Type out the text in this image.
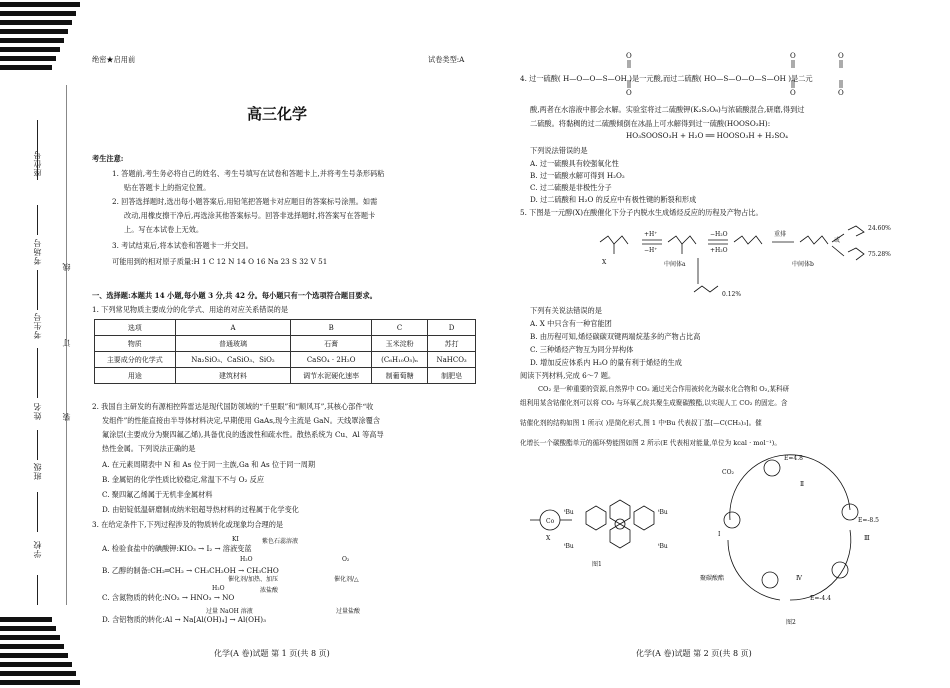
座位号
考场号
考生号
姓名
班级
学校
线
订
装
绝密★启用前	试卷类型:A
高三化学
考生注意:
1. 答题前,考生务必将自己的姓名、考生号填写在试卷和答题卡上,并将考生号条形码粘
贴在答题卡上的指定位置。
2. 回答选择题时,选出每小题答案后,用铅笔把答题卡对应题目的答案标号涂黑。如需
改动,用橡皮擦干净后,再选涂其他答案标号。回答非选择题时,将答案写在答题卡
上。写在本试卷上无效。
3. 考试结束后,将本试卷和答题卡一并交回。
可能用到的相对原子质量:H 1 C 12 N 14 O 16 Na 23 S 32 V 51
一、选择题:本题共 14 小题,每小题 3 分,共 42 分。每小题只有一个选项符合题目要求。
1. 下列常见物质主要成分的化学式、用途的对应关系错误的是
选项	A	B	C	D
物质	普通玻璃	石膏	玉米淀粉	苏打
主要成分的化学式	Na₂SiO₃、CaSiO₃、SiO₂	CaSO₄ · 2H₂O	(C₆H₁₀O₅)ₙ	NaHCO₃
用途	建筑材料	调节水泥硬化速率	制葡萄糖	制肥皂
2. 我国自主研发的有源相控阵雷达是现代国防领域的“千里眼”和“顺风耳”,其核心部件“收
发组件”的性能直接由半导体材料决定,早期使用 GaAs,现今主流是 GaN。天线罩涂覆含
氟涂层(主要成分为聚四氟乙烯),具备优良的透波性和疏水性。散热系统为 Cu、Al 等高导
热性金属。下列说法正确的是
A. 在元素周期表中 N 和 As 位于同一主族,Ga 和 As 位于同一周期
B. 金属铝的化学性质比较稳定,常温下不与 O₂ 反应
C. 聚四氟乙烯属于无机非金属材料
D. 由铝锭低温研磨制成纳米铝超导热材料的过程属于化学变化
3. 在给定条件下,下列过程涉及的物质转化或现象均合理的是
A. 检验食盐中的碘酸钾:KIO₃ → I₂ → 溶液变蓝
KI	紫色石蕊溶液
B. 乙醇的制备:CH₂═CH₂ → CH₃CH₂OH → CH₃CHO
H₂O
催化剂/加热、加压
O₂
催化剂/△
C. 含氮物质的转化:NO₂ → HNO₃ → NO
H₂O	浓盐酸
D. 含铝物质的转化:Al → Na[Al(OH)₄] → Al(OH)₃
过量 NaOH 溶液	过量盐酸
化学(A 卷)试题 第 1 页(共 8 页)
O
O
O
O
O
O
4. 过一硫酸( H—O—O—S—OH )是一元酸,而过二硫酸( HO—S—O—O—S—OH )是二元
酸,两者在水溶液中都会水解。实验室将过二硫酸钾(K₂S₂O₈)与浓硫酸混合,研磨,得到过
二硫酸。将黏稠的过二硫酸倾倒在冰晶上可水解得到过一硫酸(HOOSO₃H):
HO₃SOOSO₃H + H₂O ══ HOOSO₃H + H₂SO₄
下列说法错误的是
A. 过一硫酸具有较强氧化性
B. 过一硫酸水解可得到 H₂O₂
C. 过二硫酸是非极性分子
D. 过二硫酸和 H₂O 的反应中有极性键的断裂和形成
5. 下图是一元醇(X)在酸催化下分子内脱水生成烯烃反应的历程及产物占比。
X	中间体a	中间体b
+H⁺
−H⁺
−H₂O
+H₂O
重排
或
24.60%
75.28%
0.12%
下列有关说法错误的是
A. X 中只含有一种官能团
B. 由历程可知,烯烃碳碳双键两端烷基多的产物占比高
C. 三种烯烃产物互为同分异构体
D. 增加反应体系内 H₂O 的量有利于烯烃的生成
阅读下列材料,完成 6～7 题。
CO₂ 是一种重要的资源,自然界中 CO₂ 通过光合作用被转化为碳水化合物和 O₂,某科研
组利用某含钴催化剂可以将 CO₂ 与环氧乙烷共聚生成聚碳酸酯,以实现人工 CO₂ 的固定。含
钴催化剂的结构如图 1 所示( )是简化形式,图 1 中ᵗBu 代表叔丁基[—C(CH₃)₃]。催
化增长一个碳酸酯单元的循环势能图如图 2 所示(E 代表相对能量,单位为 kcal · mol⁻¹)。
Co
ᵗBu
ᵗBu
ᵗBu
ᵗBu
X
图1
CO₂
聚碳酸酯
E=4.8
E=-8.5
E=-4.4
Ⅰ
Ⅱ
Ⅲ
Ⅳ
图2
化学(A 卷)试题 第 2 页(共 8 页)
